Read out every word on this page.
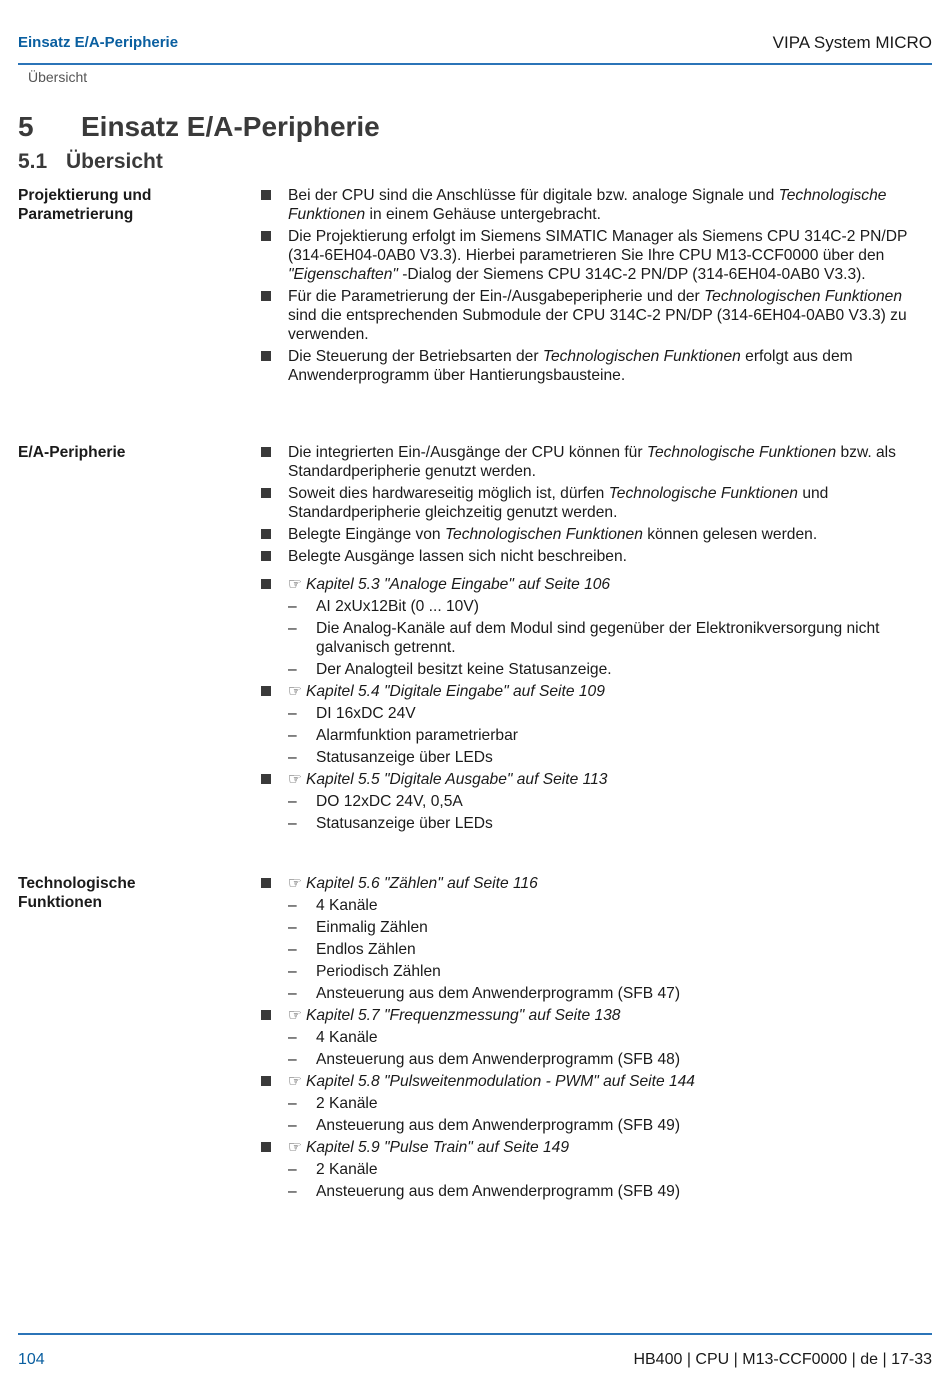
Einsatz E/A-Peripherie	VIPA System MICRO
Übersicht
5 Einsatz E/A-Peripherie
5.1 Übersicht
Projektierung und Parametrierung
Bei der CPU sind die Anschlüsse für digitale bzw. analoge Signale und Technologische Funktionen in einem Gehäuse untergebracht.
Die Projektierung erfolgt im Siemens SIMATIC Manager als Siemens CPU 314C-2 PN/DP (314-6EH04-0AB0 V3.3). Hierbei parametrieren Sie Ihre CPU M13-CCF0000 über den "Eigenschaften" -Dialog der Siemens CPU 314C-2 PN/DP (314-6EH04-0AB0 V3.3).
Für die Parametrierung der Ein-/Ausgabeperipherie und der Technologischen Funktionen sind die entsprechenden Submodule der CPU 314C-2 PN/DP (314-6EH04-0AB0 V3.3) zu verwenden.
Die Steuerung der Betriebsarten der Technologischen Funktionen erfolgt aus dem Anwenderprogramm über Hantierungsbausteine.
E/A-Peripherie	Die integrierten Ein-/Ausgänge der CPU können für Technologische Funktionen bzw. als Standardperipherie genutzt werden.
Soweit dies hardwareseitig möglich ist, dürfen Technologische Funktionen und Standardperipherie gleichzeitig genutzt werden.
Belegte Eingänge von Technologischen Funktionen können gelesen werden.
Belegte Ausgänge lassen sich nicht beschreiben.
☞ Kapitel 5.3 "Analoge Eingabe" auf Seite 106
– AI 2xUx12Bit (0 ... 10V)
– Die Analog-Kanäle auf dem Modul sind gegenüber der Elektronikversorgung nicht galvanisch getrennt.
– Der Analogteil besitzt keine Statusanzeige.
☞ Kapitel 5.4 "Digitale Eingabe" auf Seite 109
– DI 16xDC 24V
– Alarmfunktion parametrierbar
– Statusanzeige über LEDs
☞ Kapitel 5.5 "Digitale Ausgabe" auf Seite 113
– DO 12xDC 24V, 0,5A
– Statusanzeige über LEDs
Technologische Funktionen
☞ Kapitel 5.6 "Zählen" auf Seite 116
– 4 Kanäle
– Einmalig Zählen
– Endlos Zählen
– Periodisch Zählen
– Ansteuerung aus dem Anwenderprogramm (SFB 47)
☞ Kapitel 5.7 "Frequenzmessung" auf Seite 138
– 4 Kanäle
– Ansteuerung aus dem Anwenderprogramm (SFB 48)
☞ Kapitel 5.8 "Pulsweitenmodulation - PWM" auf Seite 144
– 2 Kanäle
– Ansteuerung aus dem Anwenderprogramm (SFB 49)
☞ Kapitel 5.9 "Pulse Train" auf Seite 149
– 2 Kanäle
– Ansteuerung aus dem Anwenderprogramm (SFB 49)
104	HB400 | CPU | M13-CCF0000 | de | 17-33
